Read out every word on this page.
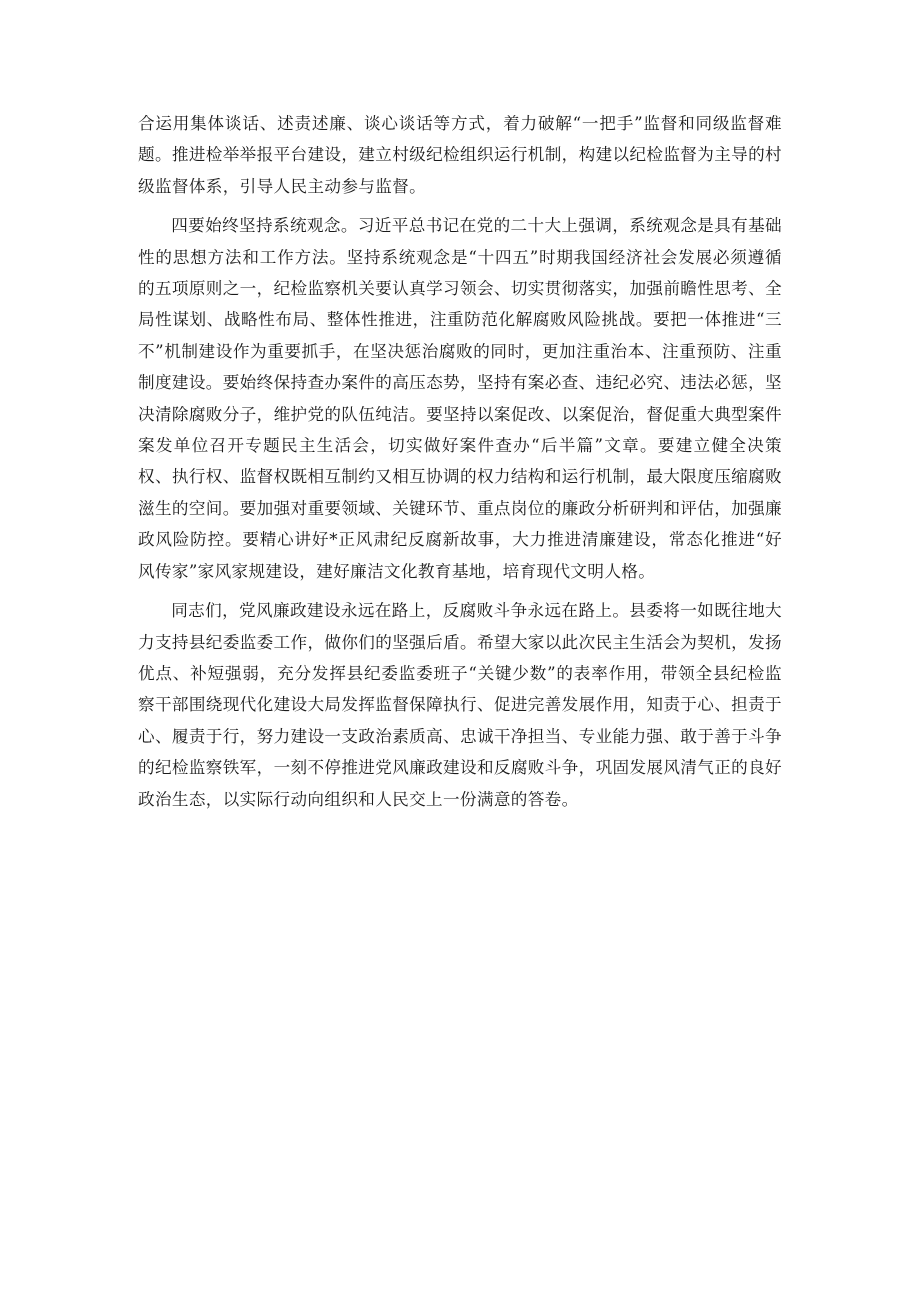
合运用集体谈话、述责述廉、谈心谈话等方式，着力破解“一把手”监督和同级监督难题。推进检举举报平台建设，建立村级纪检组织运行机制，构建以纪检监督为主导的村级监督体系，引导人民主动参与监督。

四要始终坚持系统观念。习近平总书记在党的二十大上强调，系统观念是具有基础性的思想方法和工作方法。坚持系统观念是“十四五”时期我国经济社会发展必须遵循的五项原则之一，纪检监察机关要认真学习领会、切实贯彻落实，加强前瞻性思考、全局性谋划、战略性布局、整体性推进，注重防范化解腐败风险挑战。要把一体推进“三不”机制建设作为重要抓手，在坚决惩治腐败的同时，更加注重治本、注重预防、注重制度建设。要始终保持查办案件的高压态势，坚持有案必查、违纪必究、违法必惩，坚决清除腐败分子，维护党的队伍纯洁。要坚持以案促改、以案促治，督促重大典型案件案发单位召开专题民主生活会，切实做好案件查办“后半篇”文章。要建立健全决策权、执行权、监督权既相互制约又相互协调的权力结构和运行机制，最大限度压缩腐败滋生的空间。要加强对重要领域、关键环节、重点岗位的廉政分析研判和评估，加强廉政风险防控。要精心讲好*正风肃纪反腐新故事，大力推进清廉建设，常态化推进“好风传家”家风家规建设，建好廉洁文化教育基地，培育现代文明人格。

同志们，党风廉政建设永远在路上，反腐败斗争永远在路上。县委将一如既往地大力支持县纪委监委工作，做你们的坚强后盾。希望大家以此次民主生活会为契机，发扬优点、补短强弱，充分发挥县纪委监委班子“关键少数”的表率作用，带领全县纪检监察干部围绕现代化建设大局发挥监督保障执行、促进完善发展作用，知责于心、担责于心、履责于行，努力建设一支政治素质高、忠诚干净担当、专业能力强、敢于善于斗争的纪检监察铁军，一刻不停推进党风廉政建设和反腐败斗争，巩固发展风清气正的良好政治生态，以实际行动向组织和人民交上一份满意的答卷。
